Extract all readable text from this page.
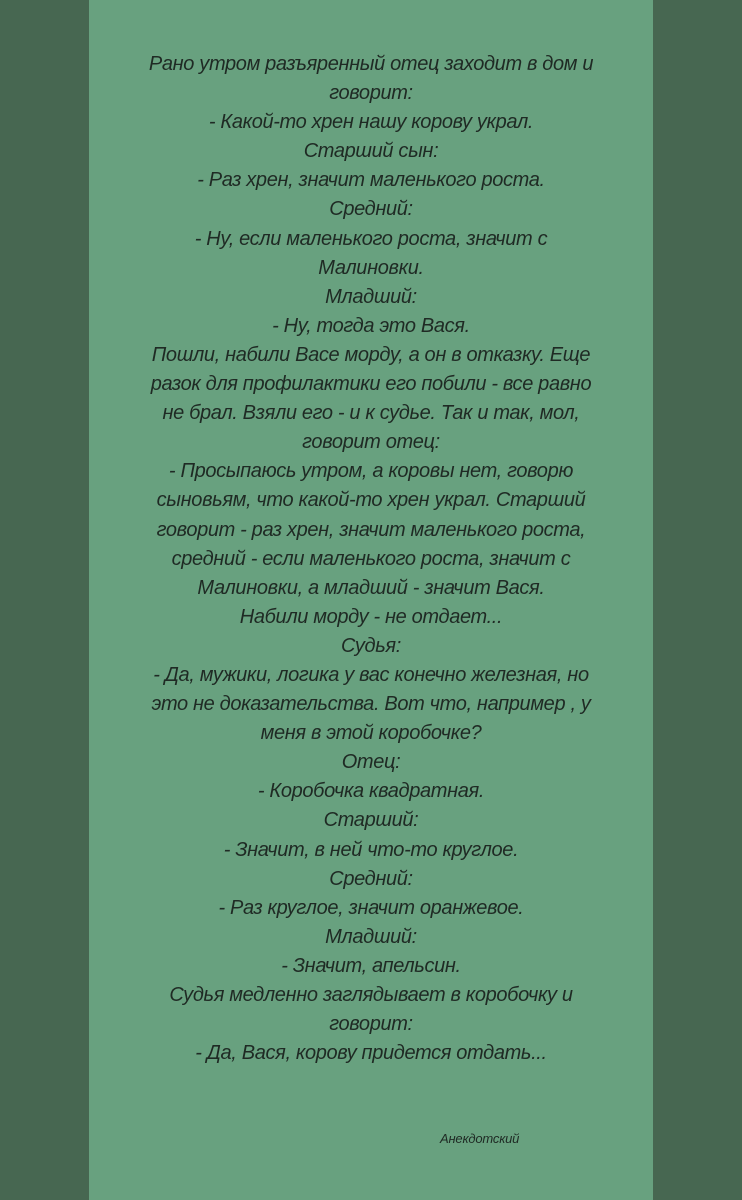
Рано утром разъяренный отец заходит в дом и
говорит:
- Какой-то хрен нашу корову украл.
Старший сын:
- Раз хрен, значит маленького роста.
Средний:
- Ну, если маленького роста, значит с
Малиновки.
Младший:
- Ну, тогда это Вася.
Пошли, набили Васе морду, а он в отказку. Еще
разок для профилактики его побили - все равно
не брал. Взяли его - и к судье. Так и так, мол,
говорит отец:
- Просыпаюсь утром, а коровы нет, говорю
сыновьям, что какой-то хрен украл. Старший
говорит - раз хрен, значит маленького роста,
средний - если маленького роста, значит с
Малиновки, а младший - значит Вася.
Набили морду - не отдает...
Судья:
- Да, мужики, логика у вас конечно железная, но
это не доказательства. Вот что, например , у
меня в этой коробочке?
Отец:
- Коробочка квадратная.
Старший:
- Значит, в ней что-то круглое.
Средний:
- Раз круглое, значит оранжевое.
Младший:
- Значит, апельсин.
Судья медленно заглядывает в коробочку и
говорит:
- Да, Вася, корову придется отдать...
Анекдотский
